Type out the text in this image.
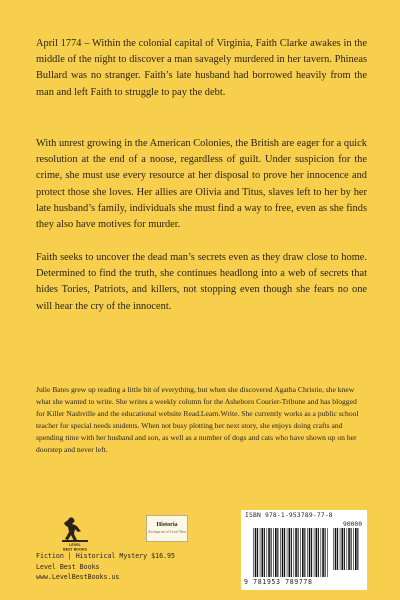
April 1774 – Within the colonial capital of Virginia, Faith Clarke awakes in the middle of the night to discover a man savagely murdered in her tavern. Phineas Bullard was no stranger. Faith’s late husband had borrowed heavily from the man and left Faith to struggle to pay the debt.

With unrest growing in the American Colonies, the British are eager for a quick resolution at the end of a noose, regardless of guilt. Under suspicion for the crime, she must use every resource at her disposal to prove her innocence and protect those she loves. Her allies are Olivia and Titus, slaves left to her by her late husband’s family, individuals she must find a way to free, even as she finds they also have motives for murder.

Faith seeks to uncover the dead man’s secrets even as they draw close to home. Determined to find the truth, she continues headlong into a web of secrets that hides Tories, Patriots, and killers, not stopping even though she fears no one will hear the cry of the innocent.

Julie Bates grew up reading a little bit of everything, but when she discovered Agatha Christie, she knew what she wanted to write. She writes a weekly column for the Asheboro Courier-Tribune and has blogged for Killer Nashville and the educational website Read.Learn.Write. She currently works as a public school teacher for special needs students. When not busy plotting her next story, she enjoys doing crafts and spending time with her husband and son, as well as a number of dogs and cats who have shown up on her doorstep and never left.

LEVEL
BEST BOOKS
Historia
An imprint of Level Best
Fiction | Historical Mystery $16.95
Level Best Books
www.LevelBestBooks.us
ISBN 978-1-953789-77-8
90000
9 781953 789778
